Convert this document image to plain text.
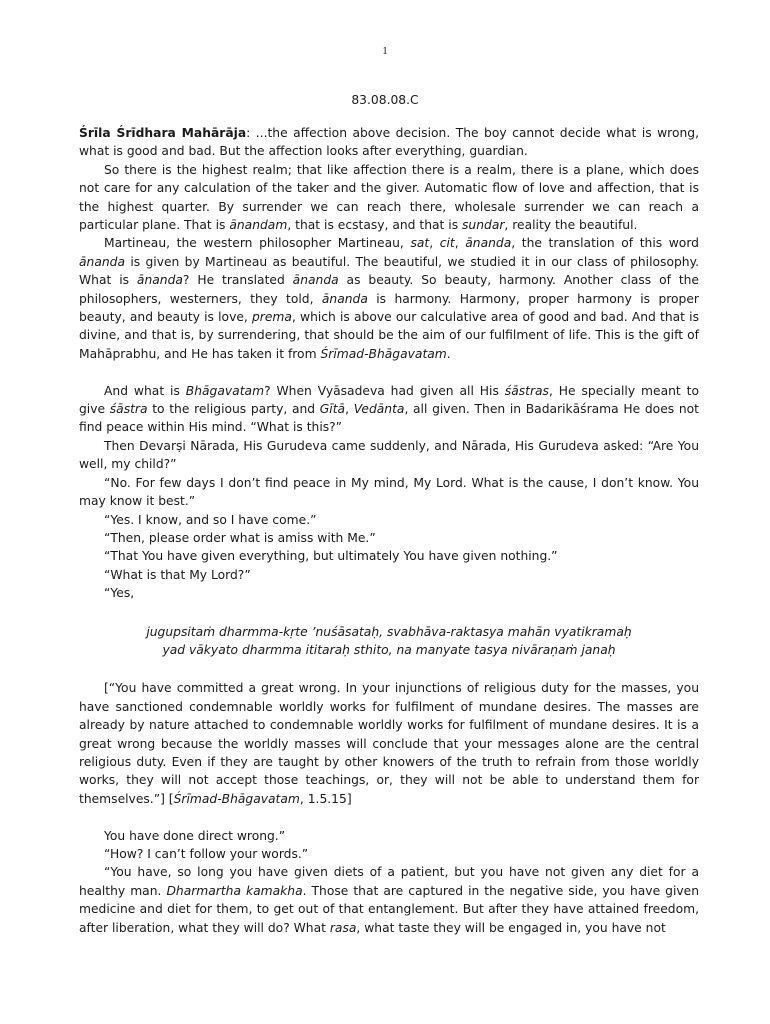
1
83.08.08.C

Śrīla Śrīdhara Mahārāja: ...the affection above decision. The boy cannot decide what is wrong, what is good and bad. But the affection looks after everything, guardian.

So there is the highest realm; that like affection there is a realm, there is a plane, which does not care for any calculation of the taker and the giver. Automatic flow of love and affection, that is the highest quarter. By surrender we can reach there, wholesale surrender we can reach a particular plane. That is ānandam, that is ecstasy, and that is sundar, reality the beautiful.

Martineau, the western philosopher Martineau, sat, cit, ānanda, the translation of this word ānanda is given by Martineau as beautiful. The beautiful, we studied it in our class of philosophy. What is ānanda? He translated ānanda as beauty. So beauty, harmony. Another class of the philosophers, westerners, they told, ānanda is harmony. Harmony, proper harmony is proper beauty, and beauty is love, prema, which is above our calculative area of good and bad. And that is divine, and that is, by surrendering, that should be the aim of our fulfilment of life. This is the gift of Mahāprabhu, and He has taken it from Śrīmad-Bhāgavatam.

And what is Bhāgavatam? When Vyāsadeva had given all His śāstras, He specially meant to give śāstra to the religious party, and Gītā, Vedānta, all given. Then in Badarikāśrama He does not find peace within His mind. “What is this?”

Then Devarṣi Nārada, His Gurudeva came suddenly, and Nārada, His Gurudeva asked: “Are You well, my child?”

“No. For few days I don’t find peace in My mind, My Lord. What is the cause, I don’t know. You may know it best.”

“Yes. I know, and so I have come.”

“Then, please order what is amiss with Me.”

“That You have given everything, but ultimately You have given nothing.”

“What is that My Lord?”

“Yes,

jugupsitaṁ dharmma-kṛte ’nuśāsataḥ, svabhāva-raktasya mahān vyatikramaḥ
yad vākyato dharmma ititaraḥ sthito, na manyate tasya nivāraṇaṁ janaḥ

[“You have committed a great wrong. In your injunctions of religious duty for the masses, you have sanctioned condemnable worldly works for fulfilment of mundane desires. The masses are already by nature attached to condemnable worldly works for fulfilment of mundane desires. It is a great wrong because the worldly masses will conclude that your messages alone are the central religious duty. Even if they are taught by other knowers of the truth to refrain from those worldly works, they will not accept those teachings, or, they will not be able to understand them for themselves.”] [Śrīmad-Bhāgavatam, 1.5.15]

You have done direct wrong.”

“How? I can’t follow your words.”

“You have, so long you have given diets of a patient, but you have not given any diet for a healthy man. Dharmartha kamakha. Those that are captured in the negative side, you have given medicine and diet for them, to get out of that entanglement. But after they have attained freedom, after liberation, what they will do? What rasa, what taste they will be engaged in, you have not
